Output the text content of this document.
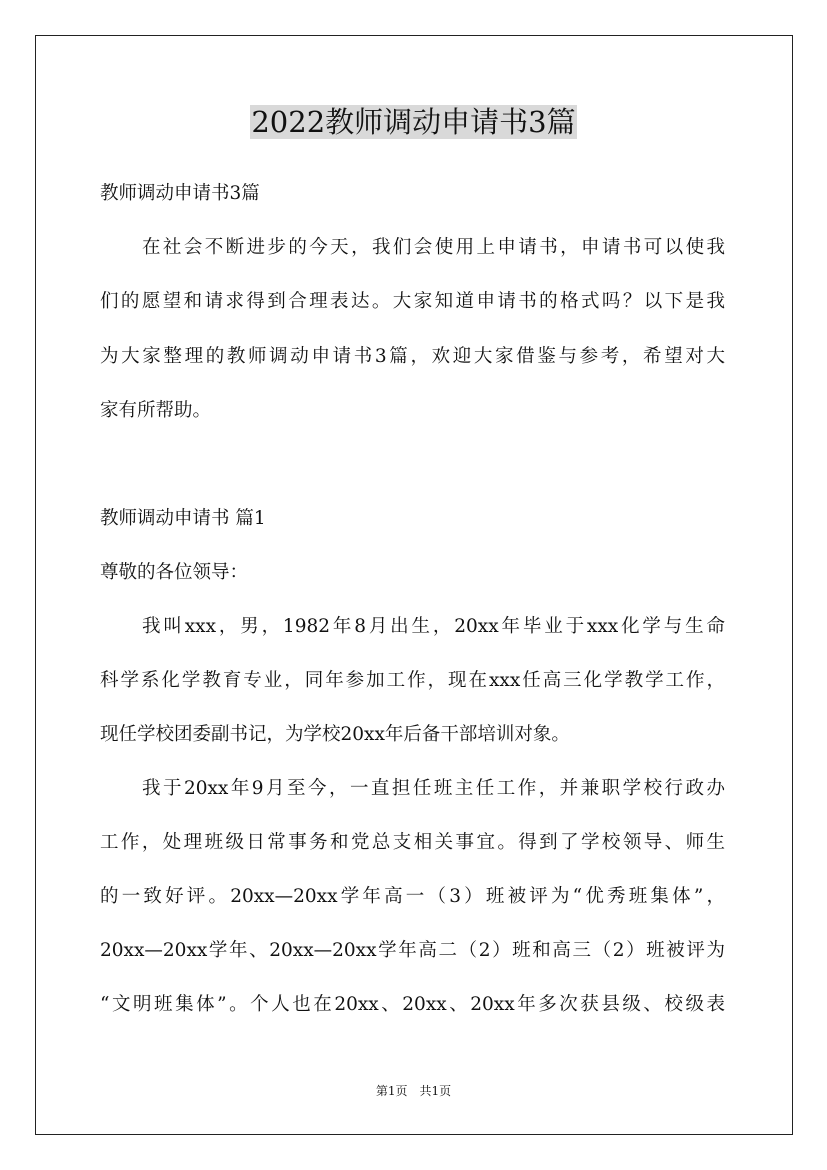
2022教师调动申请书3篇
教师调动申请书3篇
在社会不断进步的今天，我们会使用上申请书，申请书可以使我
们的愿望和请求得到合理表达。大家知道申请书的格式吗？以下是我
为大家整理的教师调动申请书3篇，欢迎大家借鉴与参考，希望对大
家有所帮助。
教师调动申请书 篇1
尊敬的各位领导：
我叫xxx，男，1982年8月出生，20xx年毕业于xxx化学与生命
科学系化学教育专业，同年参加工作，现在xxx任高三化学教学工作，
现任学校团委副书记，为学校20xx年后备干部培训对象。
我于20xx年9月至今，一直担任班主任工作，并兼职学校行政办
工作，处理班级日常事务和党总支相关事宜。得到了学校领导、师生
的一致好评。20xx—20xx学年高一（3）班被评为“优秀班集体”，
20xx—20xx学年、20xx—20xx学年高二（2）班和高三（2）班被评为
“文明班集体”。个人也在20xx、20xx、20xx年多次获县级、校级表
第1页 共1页
